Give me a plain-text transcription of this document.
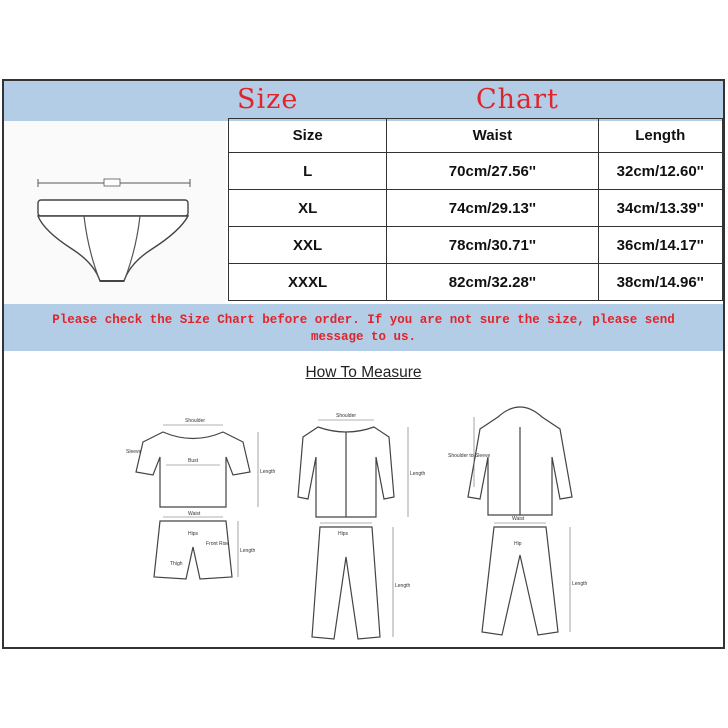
Size	Chart
Size	Waist	Length
L	70cm/27.56''	32cm/12.60''
XL	74cm/29.13''	34cm/13.39''
XXL	78cm/30.71''	36cm/14.17''
XXXL	82cm/32.28''	38cm/14.96''
Please check the Size Chart before order. If you are not sure the size, please send message to us.
How To Measure
Shoulder
Sleeve
Bust
Length
Waist
Hips
Front Rise
Thigh
Length
Shoulder
Length
Hips
Length
Shoulder to Sleeve
Waist
Hip
Length
